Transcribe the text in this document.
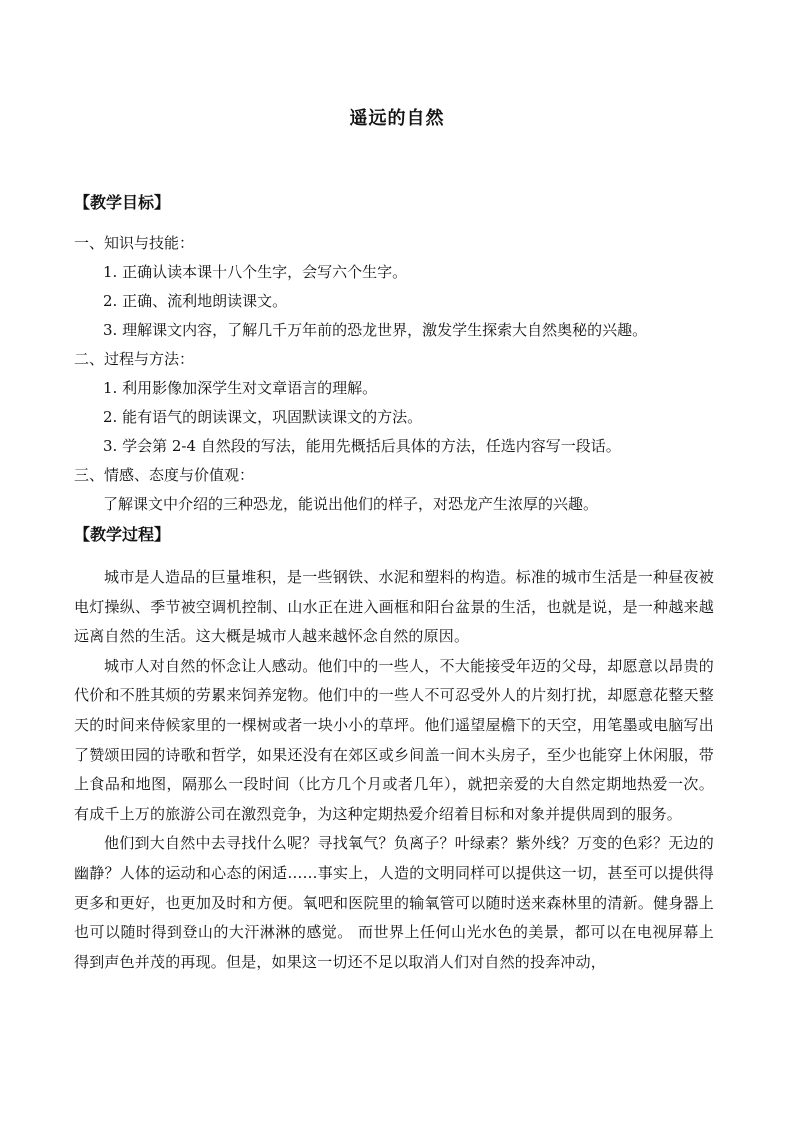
遥远的自然
【教学目标】
一、知识与技能：
1. 正确认读本课十八个生字，会写六个生字。
2. 正确、流利地朗读课文。
3. 理解课文内容，了解几千万年前的恐龙世界，激发学生探索大自然奥秘的兴趣。
二、过程与方法：
1. 利用影像加深学生对文章语言的理解。
2. 能有语气的朗读课文，巩固默读课文的方法。
3. 学会第 2-4 自然段的写法，能用先概括后具体的方法，任选内容写一段话。
三、情感、态度与价值观：
了解课文中介绍的三种恐龙，能说出他们的样子，对恐龙产生浓厚的兴趣。
【教学过程】

城市是人造品的巨量堆积，是一些钢铁、水泥和塑料的构造。标准的城市生活是一种昼夜被电灯操纵、季节被空调机控制、山水正在进入画框和阳台盆景的生活，也就是说，是一种越来越远离自然的生活。这大概是城市人越来越怀念自然的原因。

城市人对自然的怀念让人感动。他们中的一些人，不大能接受年迈的父母，却愿意以昂贵的代价和不胜其烦的劳累来饲养宠物。他们中的一些人不可忍受外人的片刻打扰，却愿意花整天整天的时间来侍候家里的一棵树或者一块小小的草坪。他们遥望屋檐下的天空，用笔墨或电脑写出了赞颂田园的诗歌和哲学，如果还没有在郊区或乡间盖一间木头房子，至少也能穿上休闲服，带上食品和地图，隔那么一段时间（比方几个月或者几年），就把亲爱的大自然定期地热爱一次。有成千上万的旅游公司在激烈竞争，为这种定期热爱介绍着目标和对象并提供周到的服务。

他们到大自然中去寻找什么呢？寻找氧气？负离子？叶绿素？紫外线？万变的色彩？无边的幽静？人体的运动和心态的闲适……事实上，人造的文明同样可以提供这一切，甚至可以提供得更多和更好，也更加及时和方便。氧吧和医院里的输氧管可以随时送来森林里的清新。健身器上也可以随时得到登山的大汗淋淋的感觉。 而世界上任何山光水色的美景，都可以在电视屏幕上得到声色并茂的再现。但是，如果这一切还不足以取消人们对自然的投奔冲动，
